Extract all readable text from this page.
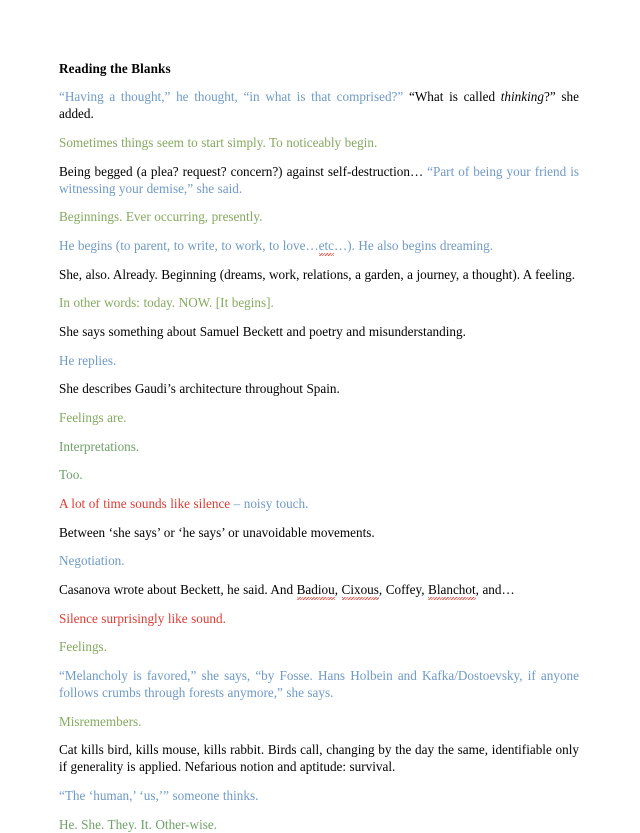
Reading the Blanks

“Having a thought,” he thought, “in what is that comprised?” “What is called thinking?” she added.

Sometimes things seem to start simply. To noticeably begin.

Being begged (a plea? request? concern?) against self-destruction… “Part of being your friend is witnessing your demise,” she said.

Beginnings. Ever occurring, presently.

He begins (to parent, to write, to work, to love…etc…). He also begins dreaming.

She, also. Already. Beginning (dreams, work, relations, a garden, a journey, a thought). A feeling.

In other words: today. NOW. [It begins].

She says something about Samuel Beckett and poetry and misunderstanding.

He replies.

She describes Gaudi’s architecture throughout Spain.

Feelings are.

Interpretations.

Too.

A lot of time sounds like silence – noisy touch.

Between ‘she says’ or ‘he says’ or unavoidable movements.

Negotiation.

Casanova wrote about Beckett, he said. And Badiou, Cixous, Coffey, Blanchot, and…

Silence surprisingly like sound.

Feelings.

“Melancholy is favored,” she says, “by Fosse. Hans Holbein and Kafka/Dostoevsky, if anyone follows crumbs through forests anymore,” she says.

Misremembers.

Cat kills bird, kills mouse, kills rabbit. Birds call, changing by the day the same, identifiable only if generality is applied. Nefarious notion and aptitude: survival.

“The ‘human,’ ‘us,’” someone thinks.

He. She. They. It. Other-wise.
